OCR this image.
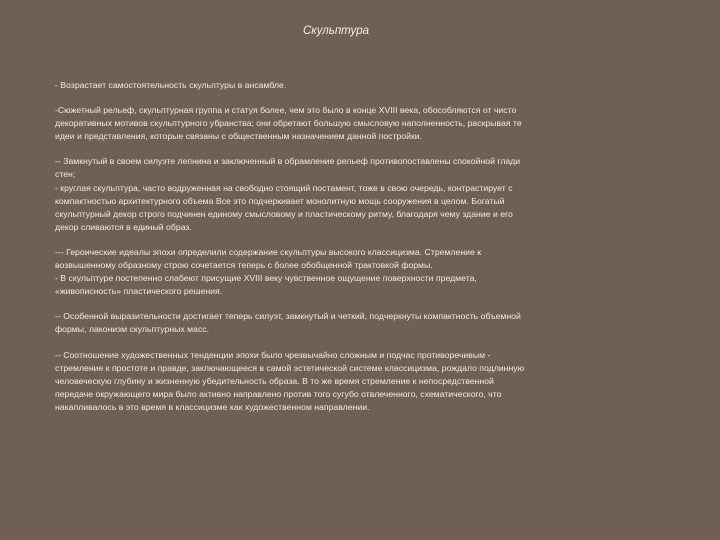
Скульптура

- Возрастает самостоятельность скульптуры в ансамбле.

-Сюжетный рельеф, скульптурная группа и статуя более, чем это было в конце XVIII века, обособляются от чисто
декоративных мотивов скульптурного убранства; они обретают большую смысловую наполненность, раскрывая те
идеи и представления, которые связаны с общественным назначением данной постройки.

-- Замкнутый в своем силуэте лепнина и заключенный в обрамление рельеф противопоставлены спокойной глади
стен;
- круглая скульптура, часто водруженная на свободно стоящий постамент, тоже в свою очередь, контрастирует с
компактностью архитектурного объема Все это подчеркивает монолитную мощь сооружения в целом. Богатый
скульптурный декор строго подчинен единому смысловому и пластическому ритму, благодаря чему здание и его
декор сливаются в единый образ.

--- Героические идеалы эпохи определили содержание скульптуры высокого классицизма. Стремление к
возвышенному образному строю сочетается теперь с более обобщенной трактовкой формы.
- В скульптуре постепенно слабеют присущие XVIII веку чувственное ощущение поверхности предмета,
«живописность» пластического решения.

-- Особенной выразительности достигает теперь силуэт, замкнутый и четкий, подчеркнуты компактность объемной
формы, лаконизм скульптурных масс.

-- Соотношение художественных тенденции эпохи было чрезвычайно сложным и подчас противоречивым -
стремление к простоте и правде, заключающееся в самой эстетической системе классицизма, рождало подлинную
человеческую глубину и жизненную убедительность образа. В то же время стремление к непосредственной
передаче окружающего мира было активно направлено против того сугубо отвлеченного, схематического, что
накапливалось в это время в классицизме как художественном направлении.
